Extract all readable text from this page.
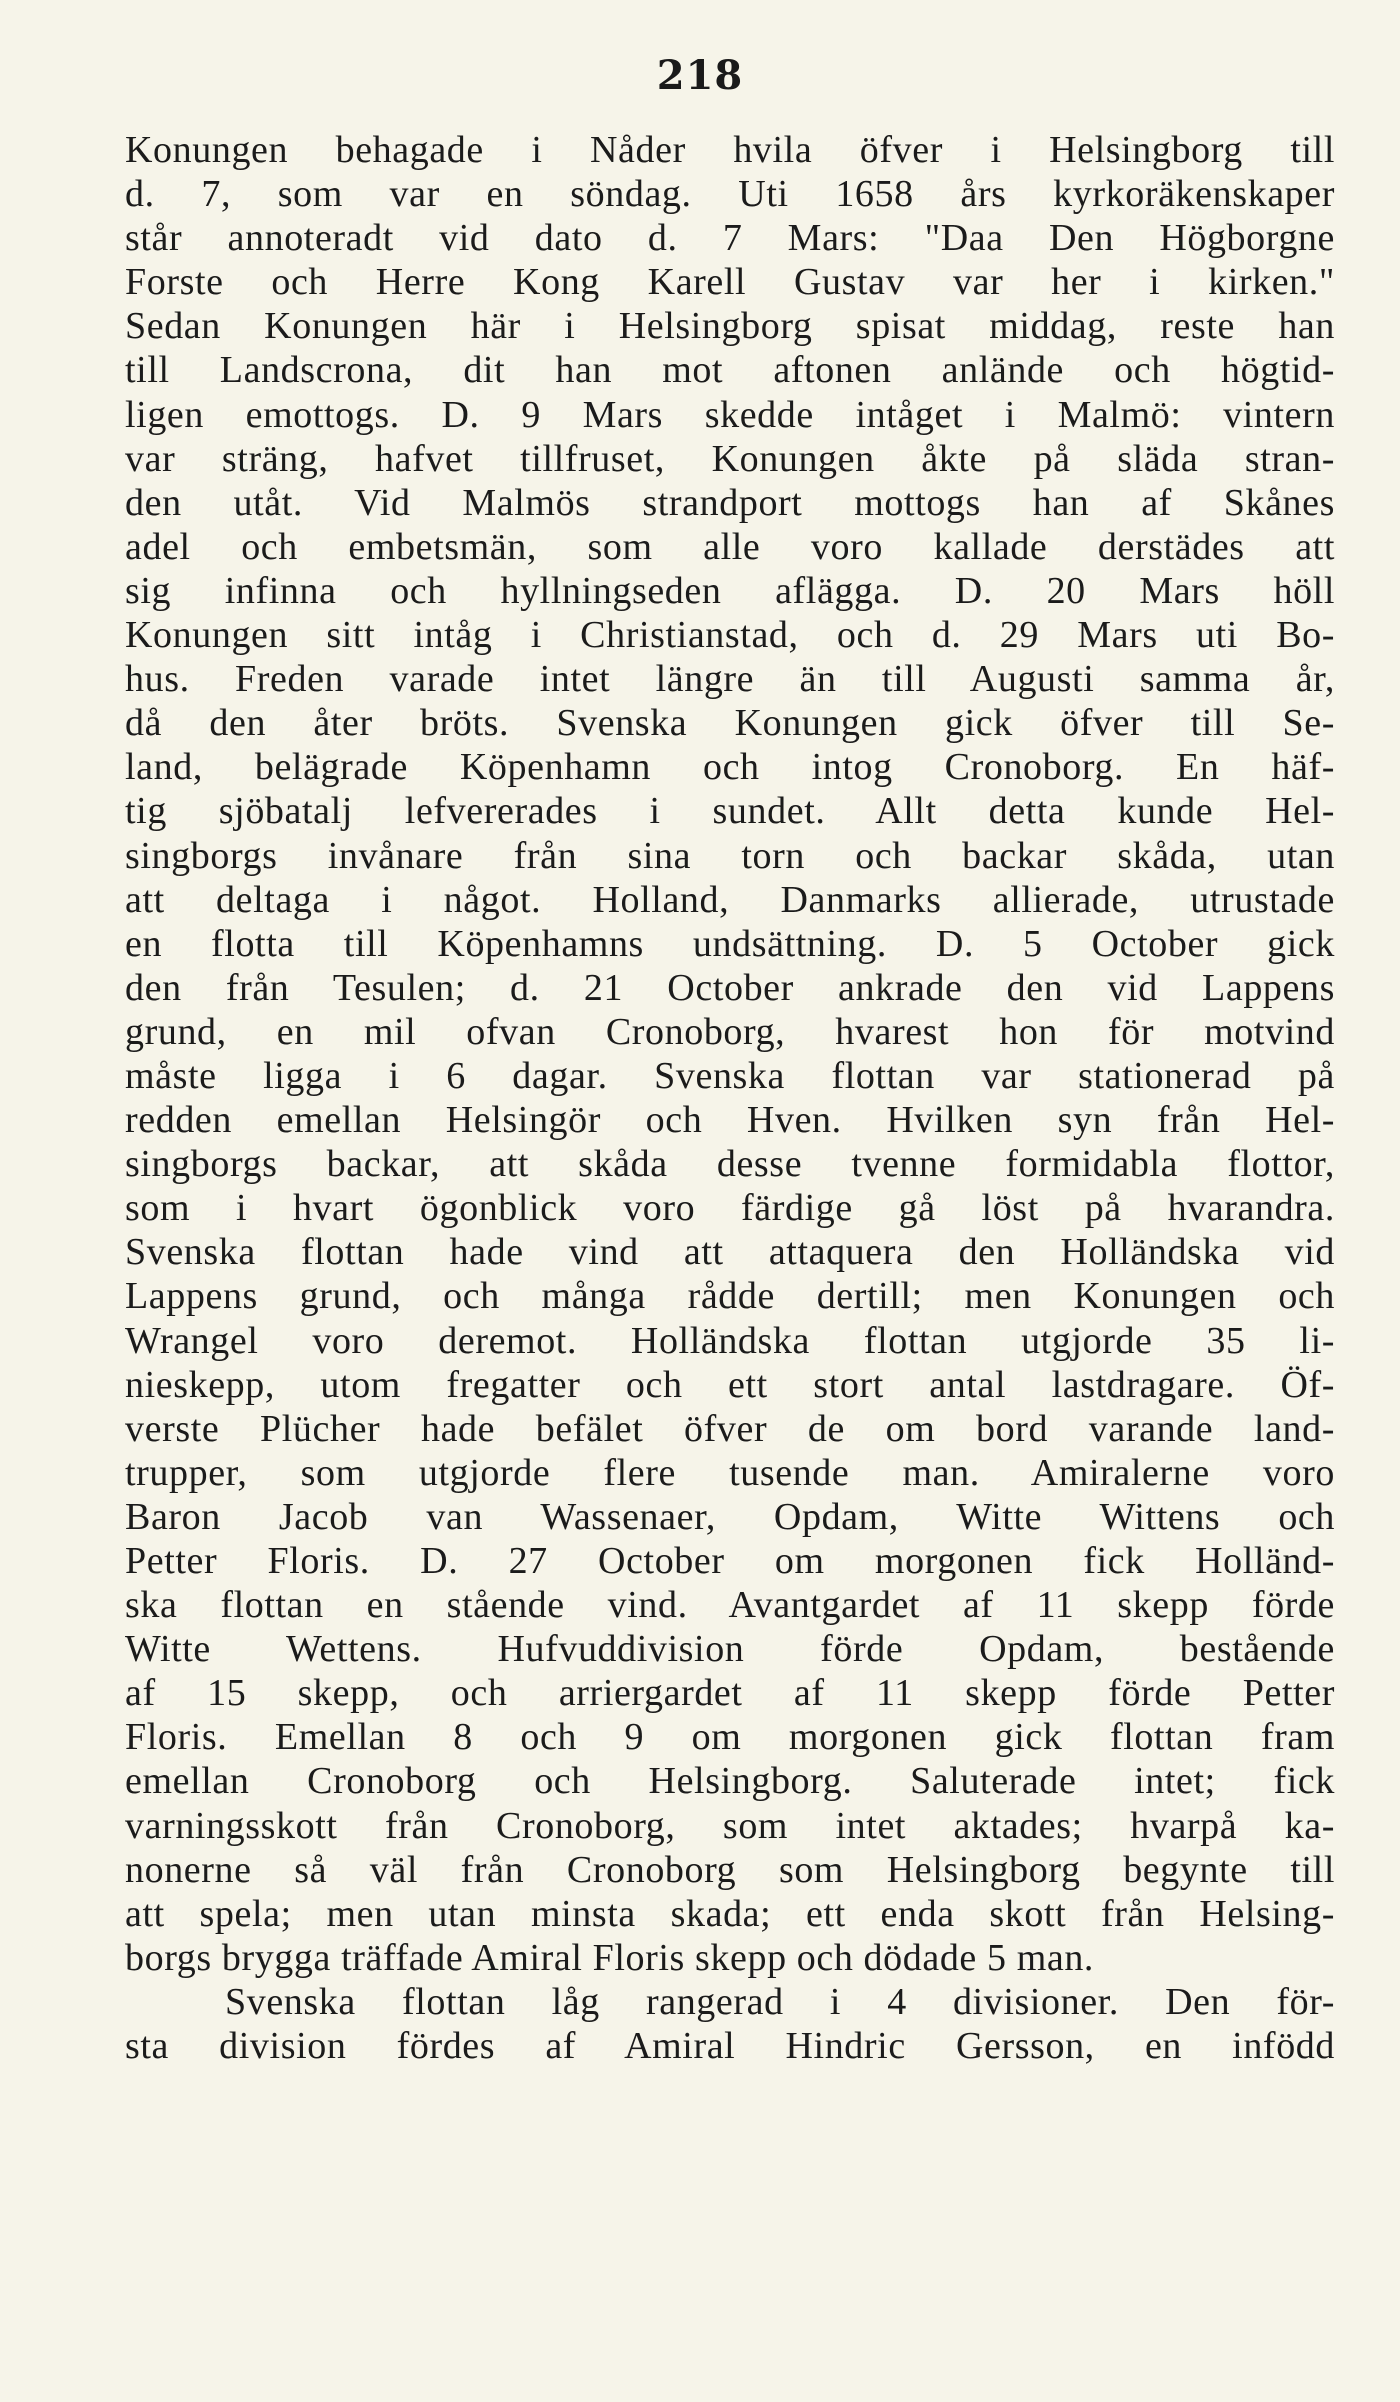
218
Konungen behagade i Nåder hvila öfver i Helsingborg till
d. 7, som var en söndag. Uti 1658 års kyrkoräkenskaper
står annoteradt vid dato d. 7 Mars: "Daa Den Högborgne
Forste och Herre Kong Karell Gustav var her i kirken."
Sedan Konungen här i Helsingborg spisat middag, reste han
till Landscrona, dit han mot aftonen anlände och högtid-
ligen emottogs. D. 9 Mars skedde intåget i Malmö: vintern
var sträng, hafvet tillfruset, Konungen åkte på släda stran-
den utåt. Vid Malmös strandport mottogs han af Skånes
adel och embetsmän, som alle voro kallade derstädes att
sig infinna och hyllningseden aflägga. D. 20 Mars höll
Konungen sitt intåg i Christianstad, och d. 29 Mars uti Bo-
hus. Freden varade intet längre än till Augusti samma år,
då den åter bröts. Svenska Konungen gick öfver till Se-
land, belägrade Köpenhamn och intog Cronoborg. En häf-
tig sjöbatalj lefvererades i sundet. Allt detta kunde Hel-
singborgs invånare från sina torn och backar skåda, utan
att deltaga i något. Holland, Danmarks allierade, utrustade
en flotta till Köpenhamns undsättning. D. 5 October gick
den från Tesulen; d. 21 October ankrade den vid Lappens
grund, en mil ofvan Cronoborg, hvarest hon för motvind
måste ligga i 6 dagar. Svenska flottan var stationerad på
redden emellan Helsingör och Hven. Hvilken syn från Hel-
singborgs backar, att skåda desse tvenne formidabla flottor,
som i hvart ögonblick voro färdige gå löst på hvarandra.
Svenska flottan hade vind att attaquera den Holländska vid
Lappens grund, och många rådde dertill; men Konungen och
Wrangel voro deremot. Holländska flottan utgjorde 35 li-
nieskepp, utom fregatter och ett stort antal lastdragare. Öf-
verste Plücher hade befälet öfver de om bord varande land-
trupper, som utgjorde flere tusende man. Amiralerne voro
Baron Jacob van Wassenaer, Opdam, Witte Wittens och
Petter Floris. D. 27 October om morgonen fick Holländ-
ska flottan en stående vind. Avantgardet af 11 skepp förde
Witte Wettens. Hufvuddivision förde Opdam, bestående
af 15 skepp, och arriergardet af 11 skepp förde Petter
Floris. Emellan 8 och 9 om morgonen gick flottan fram
emellan Cronoborg och Helsingborg. Saluterade intet; fick
varningsskott från Cronoborg, som intet aktades; hvarpå ka-
nonerne så väl från Cronoborg som Helsingborg begynte till
att spela; men utan minsta skada; ett enda skott från Helsing-
borgs brygga träffade Amiral Floris skepp och dödade 5 man.
Svenska flottan låg rangerad i 4 divisioner. Den för-
sta division fördes af Amiral Hindric Gersson, en infödd
